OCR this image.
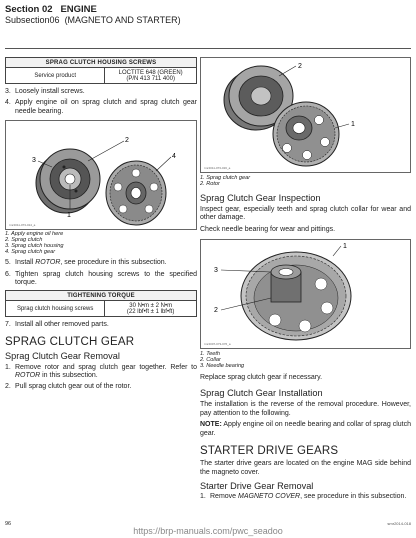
Section 02 ENGINE
Subsection06 (MAGNETO AND STARTER)
SPRAG CLUTCH HOUSING SCREWS
Service product	LOCTITE 648 (GREEN)
(P/N 413 711 400)
3. Loosely install screws.
4. Apply engine oil on sprag clutch and sprag clutch gear needle bearing.
2
3
4
1
rmr2011-073-014_a
1. Apply engine oil here
2. Sprag clutch
3. Sprag clutch housing
4. Sprag clutch gear
5. Install ROTOR, see procedure in this subsection.
6. Tighten sprag clutch housing screws to the specified torque.
TIGHTENING TORQUE
Sprag clutch housing screws	30 N•m ± 2 N•m
(22 lbf•ft ± 1 lbf•ft)
7. Install all other removed parts.
SPRAG CLUTCH GEAR
Sprag Clutch Gear Removal
1. Remove rotor and sprag clutch gear together. Refer to ROTOR in this subsection.
2. Pull sprag clutch gear out of the rotor.
2
1
rmr2011-073-016_a
1. Sprag clutch gear
2. Rotor
Sprag Clutch Gear Inspection
Inspect gear, especially teeth and sprag clutch collar for wear and other damage.
Check needle bearing for wear and pittings.
1
3
2
rmr2007-073-076_a
1. Teeth
2. Collar
3. Needle bearing
Replace sprag clutch gear if necessary.
Sprag Clutch Gear Installation
The installation is the reverse of the removal procedure. However, pay attention to the following.
NOTE: Apply engine oil on needle bearing and collar of sprag clutch gear.
STARTER DRIVE GEARS
The starter drive gears are located on the engine MAG side behind the magneto cover.
Starter Drive Gear Removal
1. Remove MAGNETO COVER, see procedure in this subsection.
96	smr2014-018
https://brp-manuals.com/pwc_seadoo
